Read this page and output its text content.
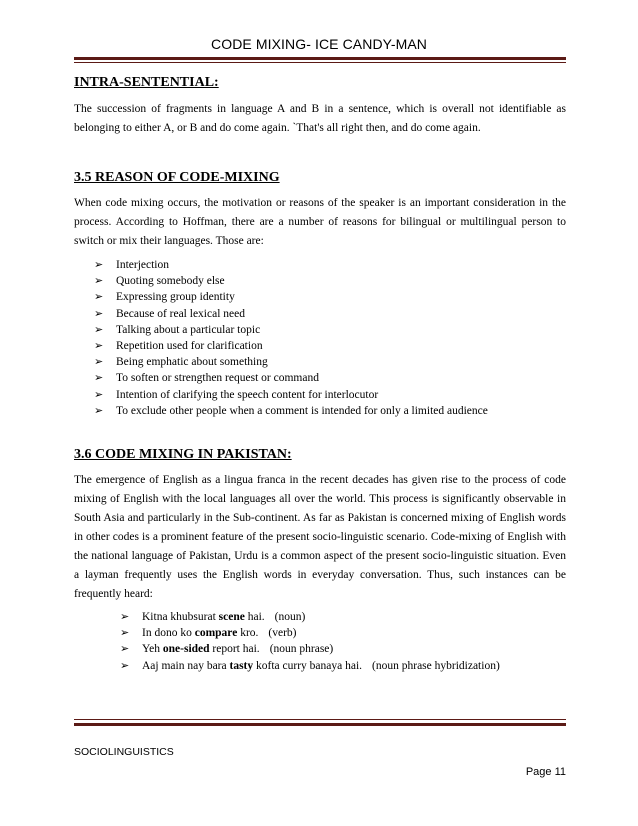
CODE MIXING- ICE CANDY-MAN
INTRA-SENTENTIAL:

The succession of fragments in language A and B in a sentence, which is overall not identifiable as belonging to either A, or B and do come again. `That's all right then, and do come again.

3.5 REASON OF CODE-MIXING

When code mixing occurs, the motivation or reasons of the speaker is an important consideration in the process. According to Hoffman, there are a number of reasons for bilingual or multilingual person to switch or mix their languages. Those are:

➢ Interjection
➢ Quoting somebody else
➢ Expressing group identity
➢ Because of real lexical need
➢ Talking about a particular topic
➢ Repetition used for clarification
➢ Being emphatic about something
➢ To soften or strengthen request or command
➢ Intention of clarifying the speech content for interlocutor
➢ To exclude other people when a comment is intended for only a limited audience
3.6 CODE MIXING IN PAKISTAN:

The emergence of English as a lingua franca in the recent decades has given rise to the process of code mixing of English with the local languages all over the world. This process is significantly observable in South Asia and particularly in the Sub-continent. As far as Pakistan is concerned mixing of English words in other codes is a prominent feature of the present socio-linguistic scenario. Code-mixing of English with the national language of Pakistan, Urdu is a common aspect of the present socio-linguistic situation. Even a layman frequently uses the English words in everyday conversation. Thus, such instances can be frequently heard:

➢ Kitna khubsurat scene hai. (noun)
➢ In dono ko compare kro. (verb)
➢ Yeh one-sided report hai. (noun phrase)
➢ Aaj main nay bara tasty kofta curry banaya hai. (noun phrase hybridization)
SOCIOLINGUISTICS
Page 11
